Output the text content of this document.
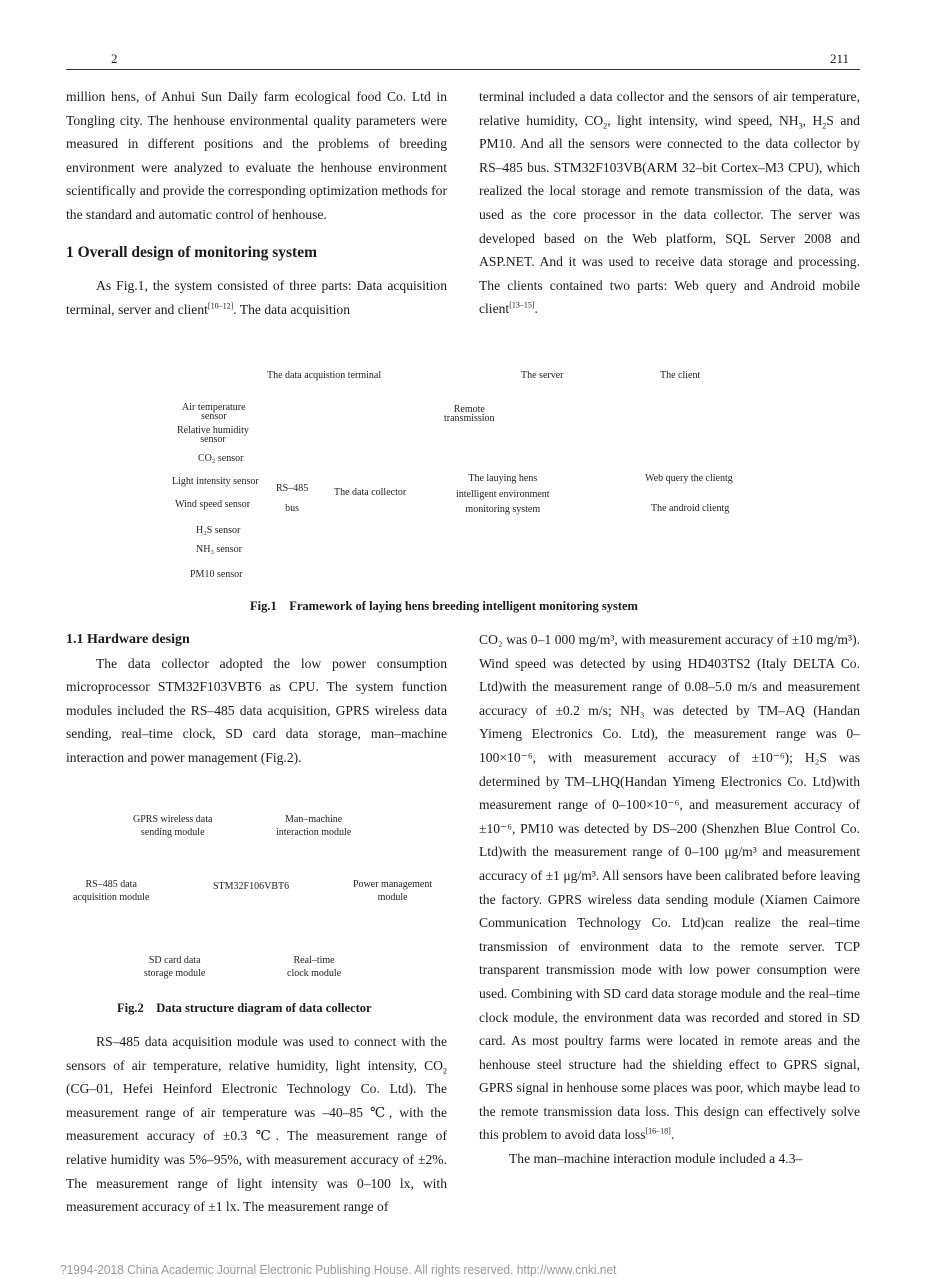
2	211

million hens, of Anhui Sun Daily farm ecological food Co. Ltd in Tongling city. The henhouse environmental quality parameters were measured in different positions and the problems of breeding environment were analyzed to evaluate the henhouse environment scientifically and provide the corresponding optimization methods for the standard and automatic control of henhouse.

1 Overall design of monitoring system

As Fig.1, the system consisted of three parts: Data acquisition terminal, server and client[10–12]. The data acquisition

terminal included a data collector and the sensors of air temperature, relative humidity, $CO_2$, light intensity, wind speed, $NH_3$, $H_2S$ and PM10. And all the sensors were connected to the data collector by RS–485 bus. STM32F103VB(ARM 32–bit Cortex–M3 CPU), which realized the local storage and remote transmission of the data, was used as the core processor in the data collector. The server was developed based on the Web platform, SQL Server 2008 and ASP.NET. And it was used to receive data storage and processing. The clients contained two parts: Web query and Android mobile client[13–15].

The data acquistion terminal	The server	The client
Air temperature
sensor
Relative humidity
sensor
CO₂ sensor
Light intensity sensor
Wind speed sensor
H₂S sensor
NH₃ sensor
PM10 sensor
RS–485
bus
The data collector
Remote
transmission
The lauying hens
intelligent environment
monitoring system
Web query the clientg
The android clientg
Fig.1 Framework of laying hens breeding intelligent monitoring system

1.1 Hardware design

The data collector adopted the low power consumption microprocessor STM32F103VBT6 as CPU. The system function modules included the RS–485 data acquisition, GPRS wireless data sending, real–time clock, SD card data storage, man–machine interaction and power management (Fig.2).

GPRS wireless data
sending module
Man–machine
interaction module
RS–485 data
acquisition module
STM32F106VBT6	Power management
module
SD card data
storage module
Real–time
clock module
Fig.2 Data structure diagram of data collector

RS–485 data acquisition module was used to connect with the sensors of air temperature, relative humidity, light intensity, $CO_2$ (CG–01, Hefei Heinford Electronic Technology Co. Ltd). The measurement range of air temperature was –40–85 ℃, with the measurement accuracy of ±0.3 ℃. The measurement range of relative humidity was 5%–95%, with measurement accuracy of ±2%. The measurement range of light intensity was 0–100 lx, with measurement accuracy of ±1 lx. The measurement range of

CO₂ was 0–1 000 mg/m³, with measurement accuracy of ±10 mg/m³). Wind speed was detected by using HD403TS2 (Italy DELTA Co. Ltd)with the measurement range of 0.08–5.0 m/s and measurement accuracy of ±0.2 m/s; NH₃ was detected by TM–AQ (Handan Yimeng Electronics Co. Ltd), the measurement range was 0–100×10⁻⁶, with measurement accuracy of ±10⁻⁶); H₂S was determined by TM–LHQ(Handan Yimeng Electronics Co. Ltd)with measurement range of 0–100×10⁻⁶, and measurement accuracy of ±10⁻⁶, PM10 was detected by DS–200 (Shenzhen Blue Control Co. Ltd)with the measurement range of 0–100 μg/m³ and measurement accuracy of ±1 μg/m³. All sensors have been calibrated before leaving the factory. GPRS wireless data sending module (Xiamen Caimore Communication Technology Co. Ltd)can realize the real–time transmission of environment data to the remote server. TCP transparent transmission mode with low power consumption were used. Combining with SD card data storage module and the real–time clock module, the environment data was recorded and stored in SD card. As most poultry farms were located in remote areas and the henhouse steel structure had the shielding effect to GPRS signal, GPRS signal in henhouse some places was poor, which maybe lead to the remote transmission data loss. This design can effectively solve this problem to avoid data loss[16–18].

The man–machine interaction module included a 4.3–

?1994-2018 China Academic Journal Electronic Publishing House. All rights reserved. http://www.cnki.net
